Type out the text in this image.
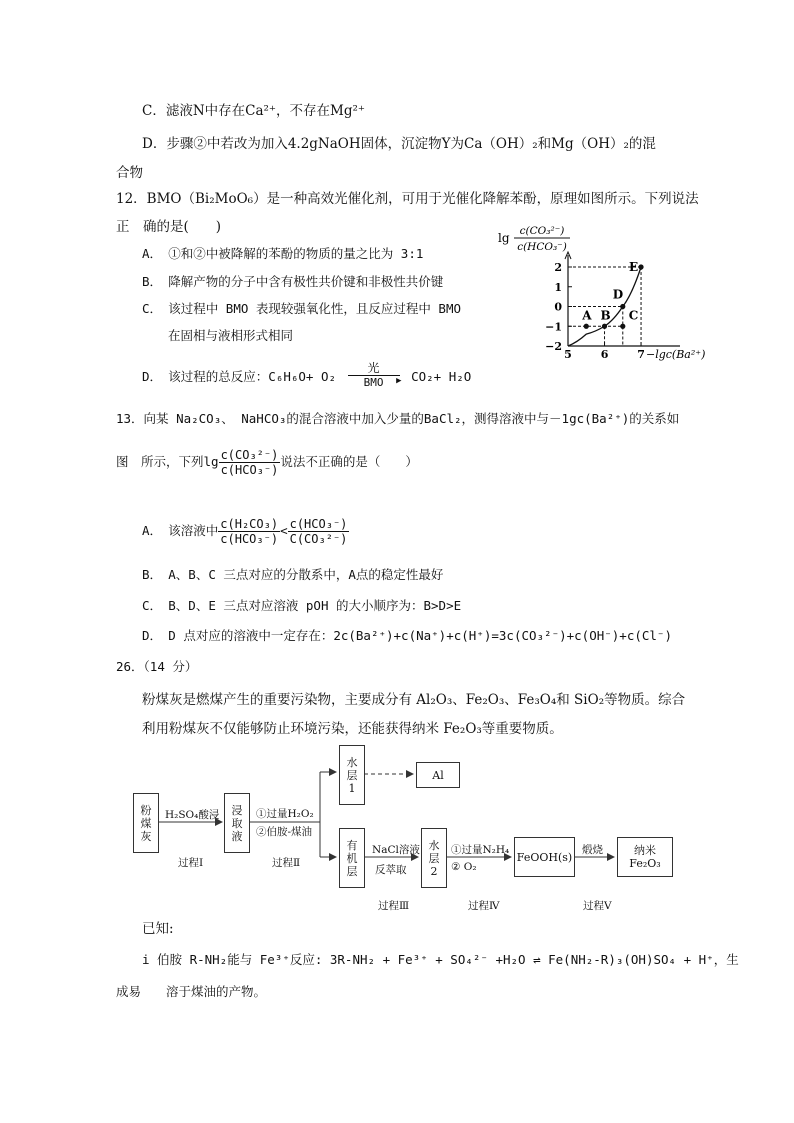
C．滤液N中存在Ca²⁺，不存在Mg²⁺
D．步骤②中若改为加入4.2gNaOH固体，沉淀物Y为Ca（OH）₂和Mg（OH）₂的混
合物
12．BMO（Bi₂MoO₆）是一种高效光催化剂，可用于光催化降解苯酚，原理如图所示。下列说法
正　确的是(　　)
A．　①和②中被降解的苯酚的物质的量之比为 3:1
B．　降解产物的分子中含有极性共价键和非极性共价键
C．　该过程中 BMO 表现较强氧化性，且反应过程中 BMO
在固相与液相形式相同
D．　该过程的总反应：C₆H₆O+ O₂
光
▶
BMO	CO₂+ H₂O
−2
−1
0
1
2
5	6	7
A B C
D
E
lg c(CO₃²⁻)
c(HCO₃⁻)
−lgc(Ba²⁺)
13．向某 Na₂CO₃、 NaHCO₃的混合溶液中加入少量的BaCl₂，测得溶液中与－1gc(Ba²⁺)的关系如
图　所示，下列$\lg \frac{\text{c(CO₃²⁻)}}{\text{c(HCO₃⁻)}}$ 说法不正确的是（　　）
A．　该溶液中 $\frac{\text{c(H₂CO₃)}}{\text{c(HCO₃⁻)}} < \frac{\text{c(HCO₃⁻)}}{\text{C(CO₃²⁻)}}$
B．　A、B、C 三点对应的分散系中，A点的稳定性最好
C．　B、D、E 三点对应溶液 pOH 的大小顺序为：B>D>E
D．　D 点对应的溶液中一定存在：2c(Ba²⁺)+c(Na⁺)+c(H⁺)=3c(CO₃²⁻)+c(OH⁻)+c(Cl⁻)
26．（14 分）
粉煤灰是燃煤产生的重要污染物，主要成分有 Al₂O₃、Fe₂O₃、Fe₃O₄和 SiO₂等物质。综合
利用粉煤灰不仅能够防止环境污染，还能获得纳米 Fe₂O₃等重要物质。
粉煤灰
浸取液
水层1
Al
有机层
水层2
FeOOH(s)	纳米
Fe₂O₃
H₂SO₄酸浸	①过量H₂O₂
②伯胺-煤油
NaCl溶液
反萃取
①过量N₂H₄
② O₂
煅烧
过程Ⅰ	过程Ⅱ
过程Ⅲ	过程Ⅳ	过程Ⅴ
已知:
i 伯胺 R-NH₂能与 Fe³⁺反应: 3R-NH₂ + Fe³⁺ + SO₄²⁻ +H₂O ⇌ Fe(NH₂-R)₃(OH)SO₄ + H⁺，生
成易　　溶于煤油的产物。
